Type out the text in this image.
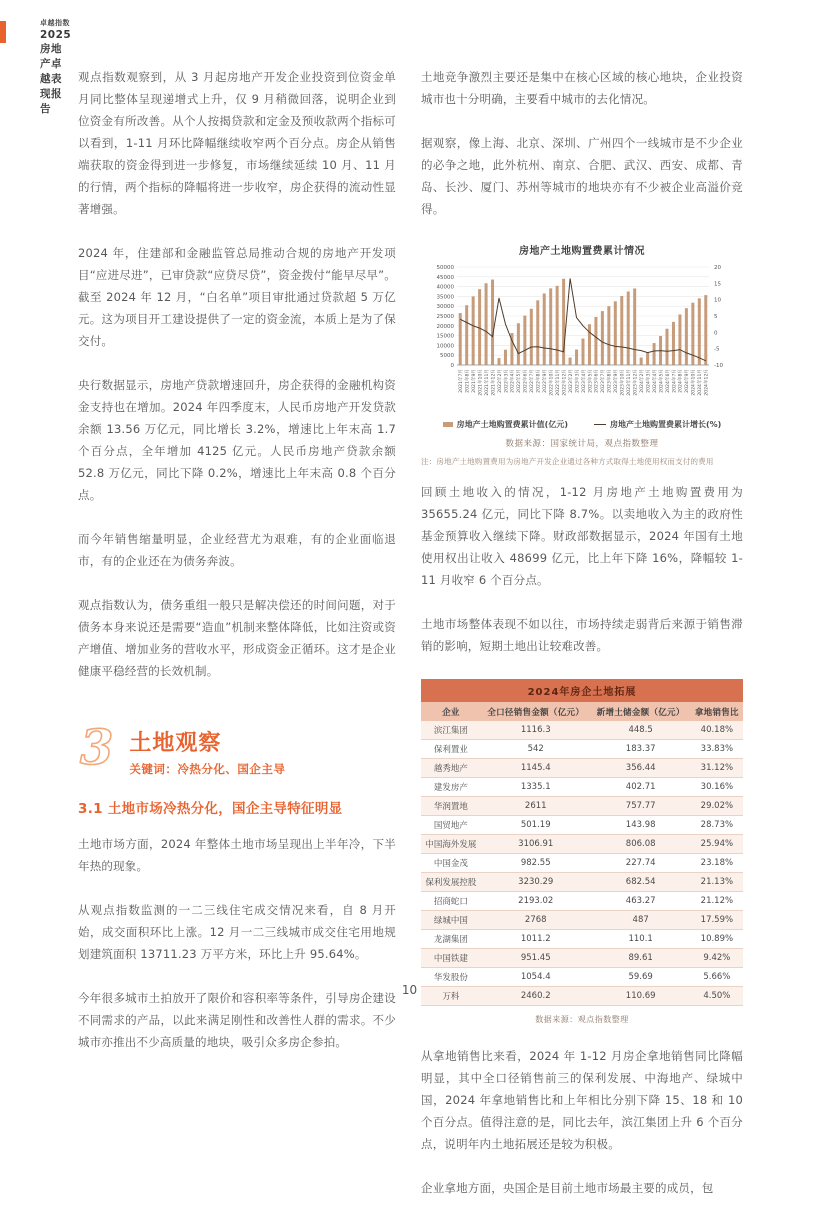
卓越指数
2025 房地产卓越表现报告

观点指数观察到，从 3 月起房地产开发企业投资到位资金单月同比整体呈现递增式上升，仅 9 月稍微回落，说明企业到位资金有所改善。从个人按揭贷款和定金及预收款两个指标可以看到，1-11 月环比降幅继续收窄两个百分点。房企从销售端获取的资金得到进一步修复，市场继续延续 10 月、11 月的行情，两个指标的降幅将进一步收窄，房企获得的流动性显著增强。

2024 年，住建部和金融监管总局推动合规的房地产开发项目“应进尽进”，已审贷款“应贷尽贷”，资金拨付“能早尽早”。截至 2024 年 12 月，“白名单”项目审批通过贷款超 5 万亿元。这为项目开工建设提供了一定的资金流，本质上是为了保交付。

央行数据显示，房地产贷款增速回升，房企获得的金融机构资金支持也在增加。2024 年四季度末，人民币房地产开发贷款余额 13.56 万亿元，同比增长 3.2%，增速比上年末高 1.7 个百分点，全年增加 4125 亿元。人民币房地产贷款余额 52.8 万亿元，同比下降 0.2%，增速比上年末高 0.8 个百分点。

而今年销售缩量明显，企业经营尤为艰难，有的企业面临退市，有的企业还在为债务奔波。

观点指数认为，债务重组一般只是解决偿还的时间问题，对于债务本身来说还是需要“造血”机制来整体降低，比如注资或资产增值、增加业务的营收水平，形成资金正循环。这才是企业健康平稳经营的长效机制。

3 土地观察
关键词：冷热分化、国企主导
3.1 土地市场冷热分化，国企主导特征明显

土地市场方面，2024 年整体土地市场呈现出上半年冷，下半年热的现象。

从观点指数监测的一二三线住宅成交情况来看，自 8 月开始，成交面积环比上涨。12 月一二三线城市成交住宅用地规划建筑面积 13711.23 万平方米，环比上升 95.64%。

今年很多城市土拍放开了限价和容积率等条件，引导房企建设不同需求的产品，以此来满足刚性和改善性人群的需求。不少城市亦推出不少高质量的地块，吸引众多房企参拍。

土地竞争激烈主要还是集中在核心区域的核心地块，企业投资城市也十分明确，主要看中城市的去化情况。

据观察，像上海、北京、深圳、广州四个一线城市是不少企业的必争之地，此外杭州、南京、合肥、武汉、西安、成都、青岛、长沙、厦门、苏州等城市的地块亦有不少被企业高溢价竞得。

房地产土地购置费累计情况
0
5000
10000
15000
20000
25000
30000
35000
40000
45000
50000
-10
-5
0
5
10
15
20
2021年7月 2021年8月 2021年9月 2021年10月 2021年11月 2021年12月 2022年2月 2022年3月 2022年4月 2022年5月 2022年6月 2022年7月 2022年8月 2022年9月 2022年10月 2022年11月 2022年12月 2023年2月 2023年3月 2023年4月 2023年5月 2023年6月 2023年7月 2023年8月 2023年9月 2023年10月 2023年11月 2023年12月 2024年2月 2024年3月 2024年4月 2024年5月 2024年6月 2024年7月 2024年8月 2024年9月 2024年10月 2024年11月 2024年12月
房地产土地购置费累计值(亿元)	房地产土地购置费累计增长(%)
数据来源：国家统计局，观点指数整理
注：房地产土地购置费用为房地产开发企业通过各种方式取得土地使用权而支付的费用

回顾土地收入的情况，1-12 月房地产土地购置费用为 35655.24 亿元，同比下降 8.7%。以卖地收入为主的政府性基金预算收入继续下降。财政部数据显示，2024 年国有土地使用权出让收入 48699 亿元，比上年下降 16%，降幅较 1-11 月收窄 6 个百分点。

土地市场整体表现不如以往，市场持续走弱背后来源于销售滞销的影响，短期土地出让较难改善。

2024年房企土地拓展
企业	全口径销售金额（亿元）	新增土储金额（亿元）	拿地销售比
滨江集团	1116.3	448.5	40.18%
保利置业	542	183.37	33.83%
越秀地产	1145.4	356.44	31.12%
建发房产	1335.1	402.71	30.16%
华润置地	2611	757.77	29.02%
国贸地产	501.19	143.98	28.73%
中国海外发展	3106.91	806.08	25.94%
中国金茂	982.55	227.74	23.18%
保利发展控股	3230.29	682.54	21.13%
招商蛇口	2193.02	463.27	21.12%
绿城中国	2768	487	17.59%
龙湖集团	1011.2	110.1	10.89%
中国铁建	951.45	89.61	9.42%
华发股份	1054.4	59.69	5.66%
万科	2460.2	110.69	4.50%
数据来源：观点指数整理

从拿地销售比来看，2024 年 1-12 月房企拿地销售同比降幅明显，其中全口径销售前三的保利发展、中海地产、绿城中国，2024 年拿地销售比和上年相比分别下降 15、18 和 10 个百分点。值得注意的是，同比去年，滨江集团上升 6 个百分点，说明年内土地拓展还是较为积极。

企业拿地方面，央国企是目前土地市场最主要的成员，包

10
